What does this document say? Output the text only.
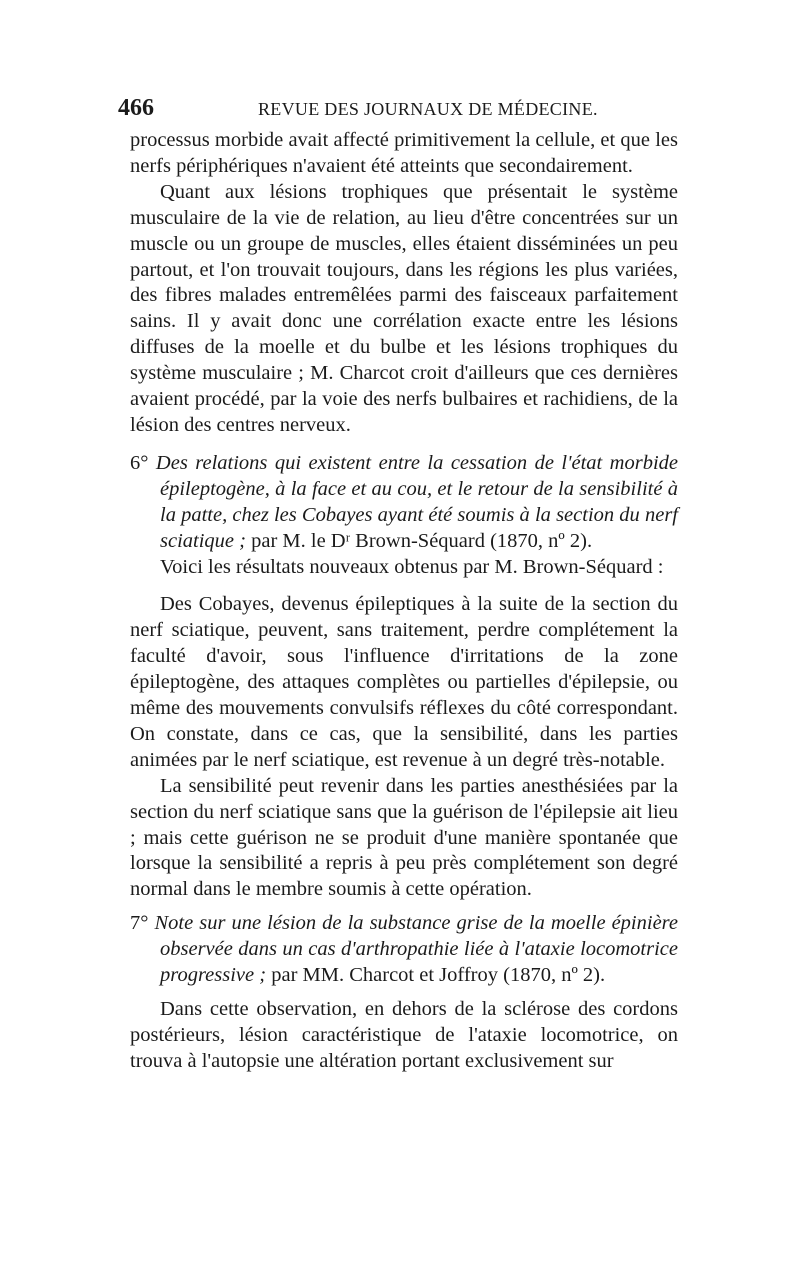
466	REVUE DES JOURNAUX DE MÉDECINE.

processus morbide avait affecté primitivement la cellule, et que les nerfs périphériques n'avaient été atteints que secondairement.

Quant aux lésions trophiques que présentait le système musculaire de la vie de relation, au lieu d'être concentrées sur un muscle ou un groupe de muscles, elles étaient disséminées un peu partout, et l'on trouvait toujours, dans les régions les plus variées, des fibres malades entremêlées parmi des faisceaux parfaitement sains. Il y avait donc une corrélation exacte entre les lésions diffuses de la moelle et du bulbe et les lésions trophiques du système musculaire ; M. Charcot croit d'ailleurs que ces dernières avaient procédé, par la voie des nerfs bulbaires et rachidiens, de la lésion des centres nerveux.

6° Des relations qui existent entre la cessation de l'état morbide épileptogène, à la face et au cou, et le retour de la sensibilité à la patte, chez les Cobayes ayant été soumis à la section du nerf sciatique ; par M. le Dʳ Brown-Séquard (1870, nº 2).

Voici les résultats nouveaux obtenus par M. Brown-Séquard :

Des Cobayes, devenus épileptiques à la suite de la section du nerf sciatique, peuvent, sans traitement, perdre complétement la faculté d'avoir, sous l'influence d'irritations de la zone épileptogène, des attaques complètes ou partielles d'épilepsie, ou même des mouvements convulsifs réflexes du côté correspondant. On constate, dans ce cas, que la sensibilité, dans les parties animées par le nerf sciatique, est revenue à un degré très-notable.

La sensibilité peut revenir dans les parties anesthésiées par la section du nerf sciatique sans que la guérison de l'épilepsie ait lieu ; mais cette guérison ne se produit d'une manière spontanée que lorsque la sensibilité a repris à peu près complétement son degré normal dans le membre soumis à cette opération.

7° Note sur une lésion de la substance grise de la moelle épinière observée dans un cas d'arthropathie liée à l'ataxie locomotrice progressive ; par MM. Charcot et Joffroy (1870, nº 2).

Dans cette observation, en dehors de la sclérose des cordons postérieurs, lésion caractéristique de l'ataxie locomotrice, on trouva à l'autopsie une altération portant exclusivement sur
